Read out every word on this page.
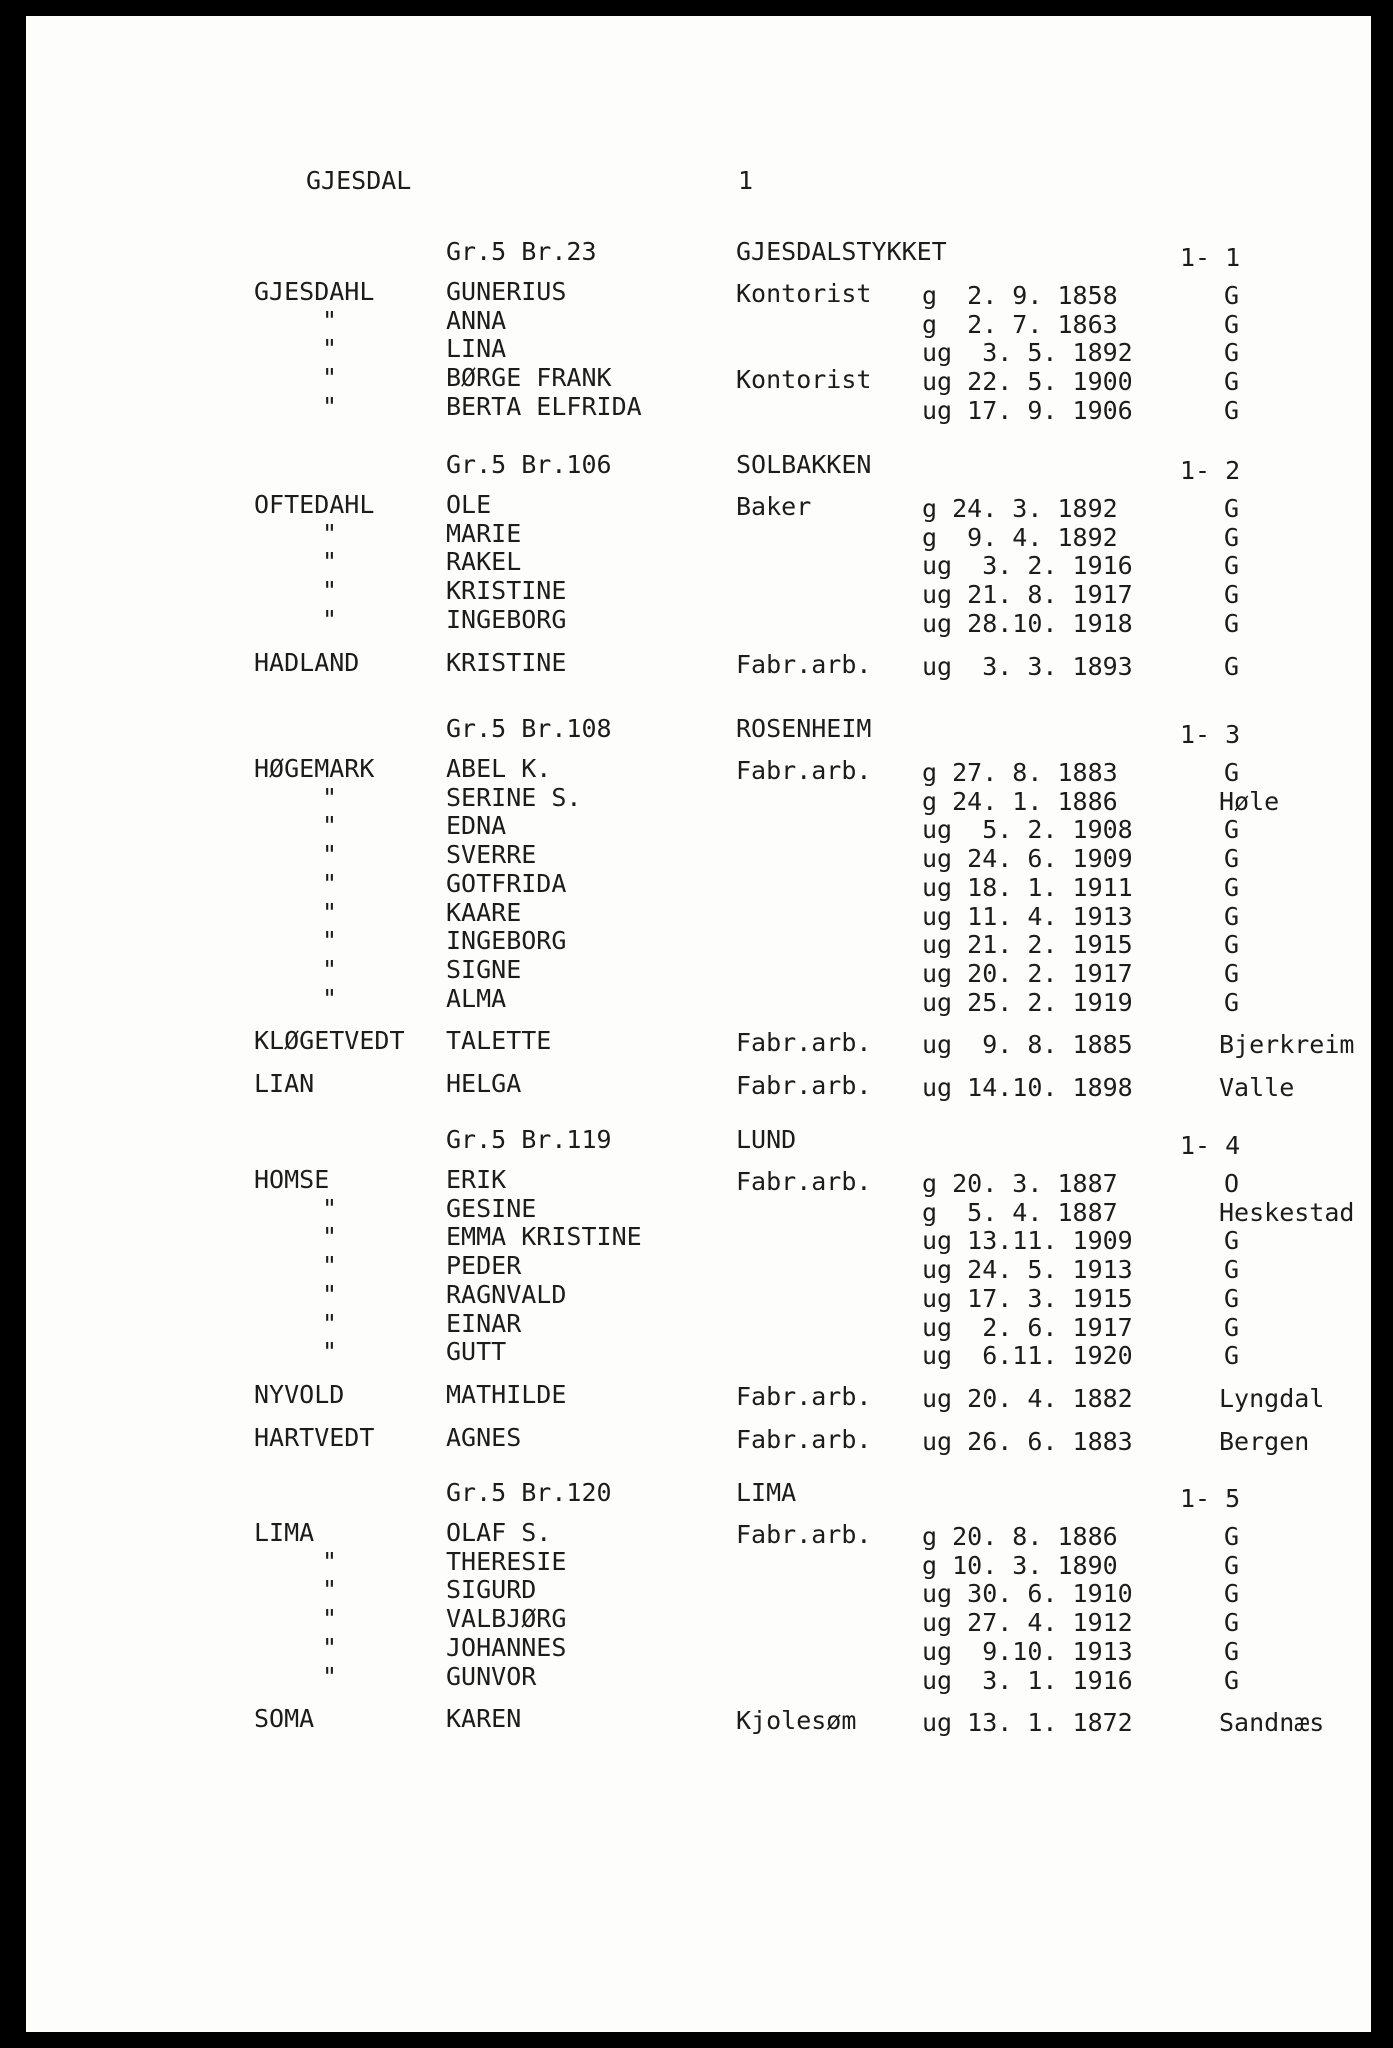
GJESDAL	1
Gr.5 Br.23	GJESDALSTYKKET	1- 1
GJESDAHL	GUNERIUS	Kontorist g  2. 9. 1858	G
"	ANNA	g  2. 7. 1863	G
"	LINA	ug  3. 5. 1892	G
"	BØRGE FRANK	Kontorist ug 22. 5. 1900	G
"	BERTA ELFRIDA	ug 17. 9. 1906	G
Gr.5 Br.106	SOLBAKKEN	1- 2
OFTEDAHL	OLE	Baker	g 24. 3. 1892	G
"	MARIE	g  9. 4. 1892	G
"	RAKEL	ug  3. 2. 1916	G
"	KRISTINE	ug 21. 8. 1917	G
"	INGEBORG	ug 28.10. 1918	G
HADLAND	KRISTINE	Fabr.arb. ug  3. 3. 1893	G
Gr.5 Br.108	ROSENHEIM	1- 3
HØGEMARK	ABEL K.	Fabr.arb. g 27. 8. 1883	G
"	SERINE S.	g 24. 1. 1886	Høle
"	EDNA	ug  5. 2. 1908	G
"	SVERRE	ug 24. 6. 1909	G
"	GOTFRIDA	ug 18. 1. 1911	G
"	KAARE	ug 11. 4. 1913	G
"	INGEBORG	ug 21. 2. 1915	G
"	SIGNE	ug 20. 2. 1917	G
"	ALMA	ug 25. 2. 1919	G
KLØGETVEDT TALETTE	Fabr.arb. ug  9. 8. 1885	Bjerkreim
LIAN	HELGA	Fabr.arb. ug 14.10. 1898	Valle
Gr.5 Br.119	LUND	1- 4
HOMSE	ERIK	Fabr.arb. g 20. 3. 1887	O
"	GESINE	g  5. 4. 1887	Heskestad
"	EMMA KRISTINE	ug 13.11. 1909	G
"	PEDER	ug 24. 5. 1913	G
"	RAGNVALD	ug 17. 3. 1915	G
"	EINAR	ug  2. 6. 1917	G
"	GUTT	ug  6.11. 1920	G
NYVOLD	MATHILDE	Fabr.arb. ug 20. 4. 1882	Lyngdal
HARTVEDT	AGNES	Fabr.arb. ug 26. 6. 1883	Bergen
Gr.5 Br.120	LIMA	1- 5
LIMA	OLAF S.	Fabr.arb. g 20. 8. 1886	G
"	THERESIE	g 10. 3. 1890	G
"	SIGURD	ug 30. 6. 1910	G
"	VALBJØRG	ug 27. 4. 1912	G
"	JOHANNES	ug  9.10. 1913	G
"	GUNVOR	ug  3. 1. 1916	G
SOMA	KAREN	Kjolesøm	ug 13. 1. 1872	Sandnæs
